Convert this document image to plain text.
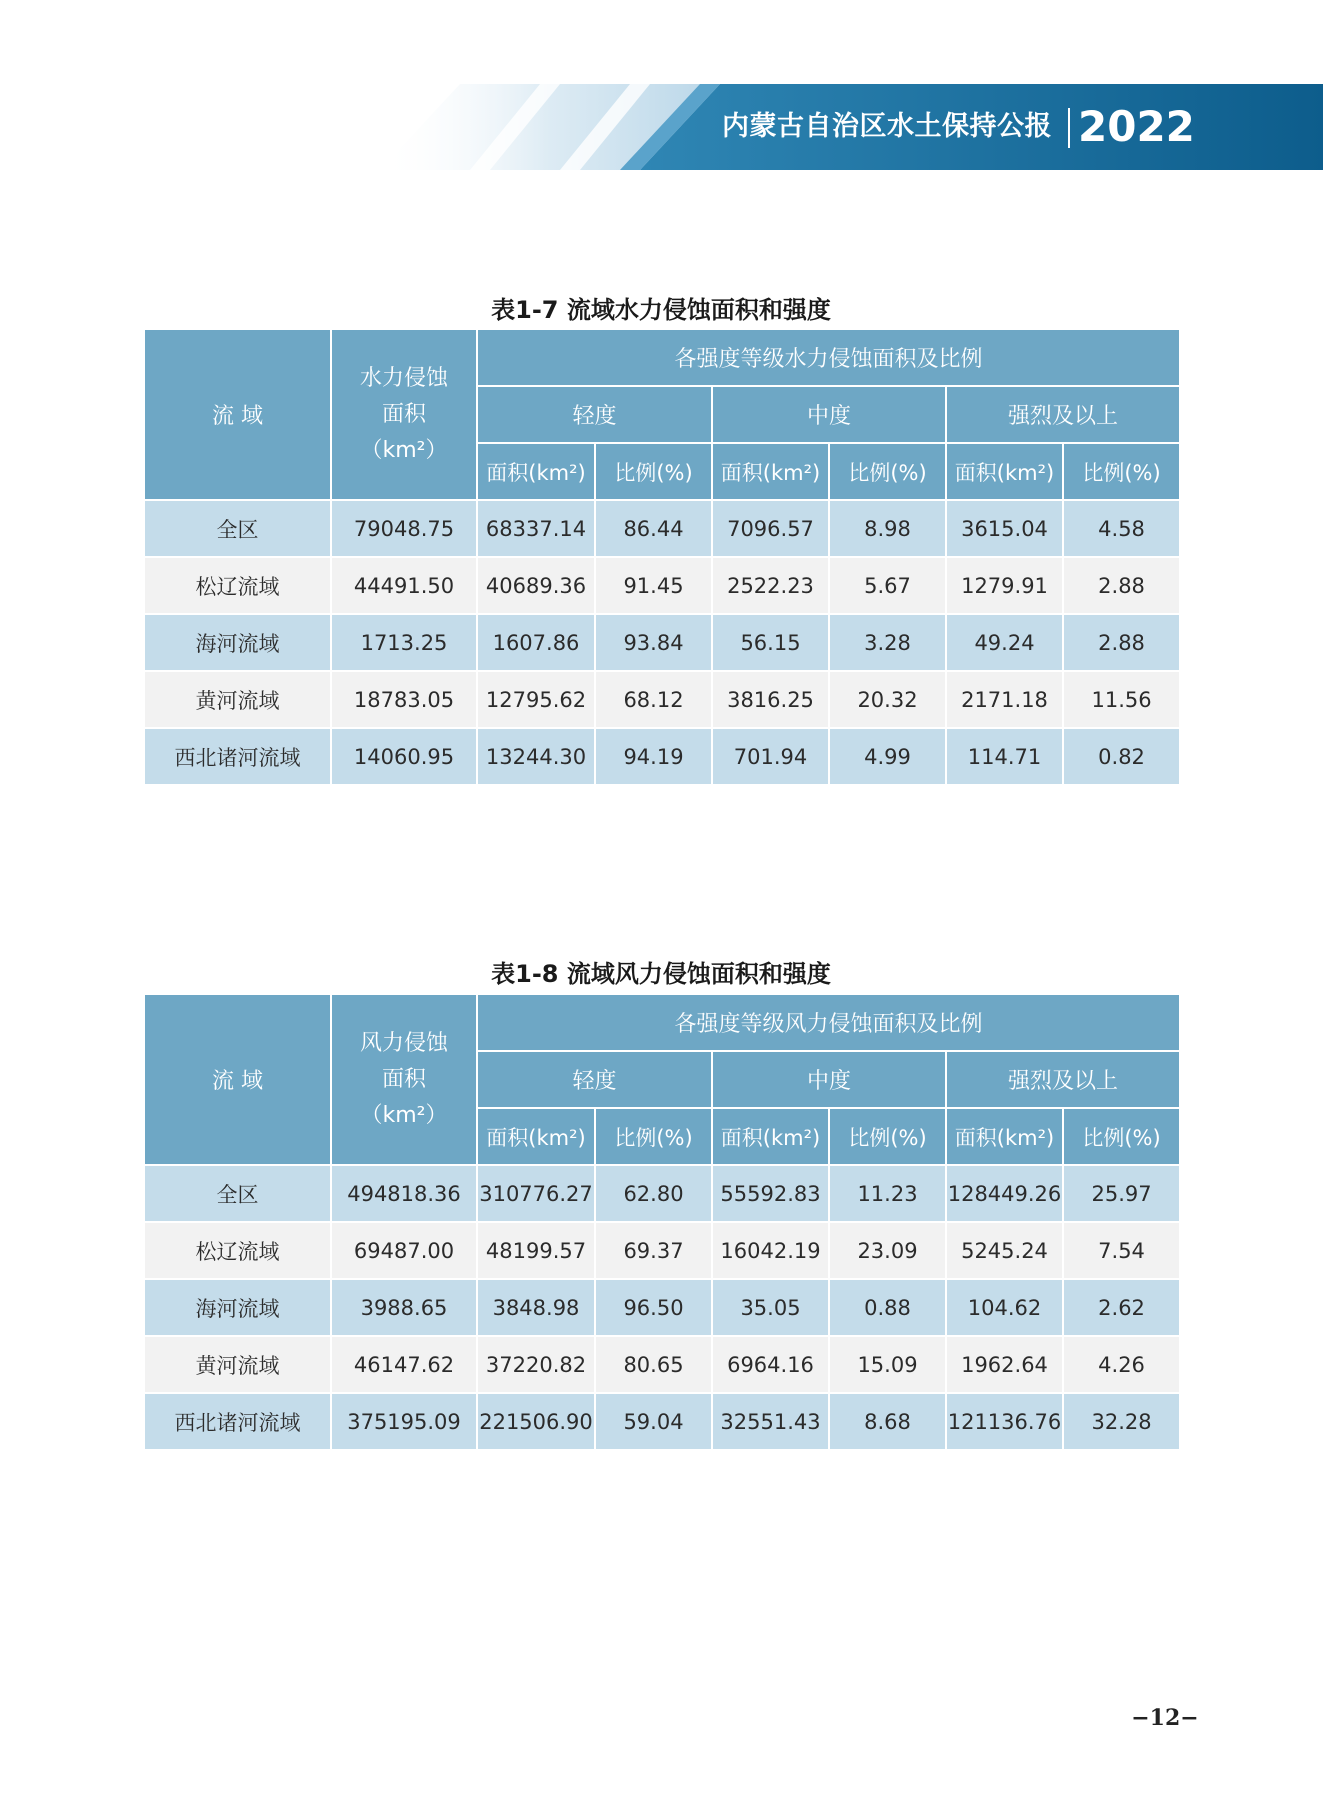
内蒙古自治区水土保持公报 2022
表1-7 流域水力侵蚀面积和强度
流 域	水力侵蚀
面积
（km²）	各强度等级水力侵蚀面积及比例					
		轻度		中度		强烈及以上	
		面积(km²)	比例(%)	面积(km²)	比例(%)	面积(km²)	比例(%)
全区	79048.75	68337.14	86.44	7096.57	8.98	3615.04	4.58
松辽流域	44491.50	40689.36	91.45	2522.23	5.67	1279.91	2.88
海河流域	1713.25	1607.86	93.84	56.15	3.28	49.24	2.88
黄河流域	18783.05	12795.62	68.12	3816.25	20.32	2171.18	11.56
西北诸河流域	14060.95	13244.30	94.19	701.94	4.99	114.71	0.82
表1-8 流域风力侵蚀面积和强度
流 域	风力侵蚀
面积
（km²）	各强度等级风力侵蚀面积及比例					
		轻度		中度		强烈及以上	
		面积(km²)	比例(%)	面积(km²)	比例(%)	面积(km²)	比例(%)
全区	494818.36	310776.27	62.80	55592.83	11.23	128449.26	25.97
松辽流域	69487.00	48199.57	69.37	16042.19	23.09	5245.24	7.54
海河流域	3988.65	3848.98	96.50	35.05	0.88	104.62	2.62
黄河流域	46147.62	37220.82	80.65	6964.16	15.09	1962.64	4.26
西北诸河流域	375195.09	221506.90	59.04	32551.43	8.68	121136.76	32.28
−12−
